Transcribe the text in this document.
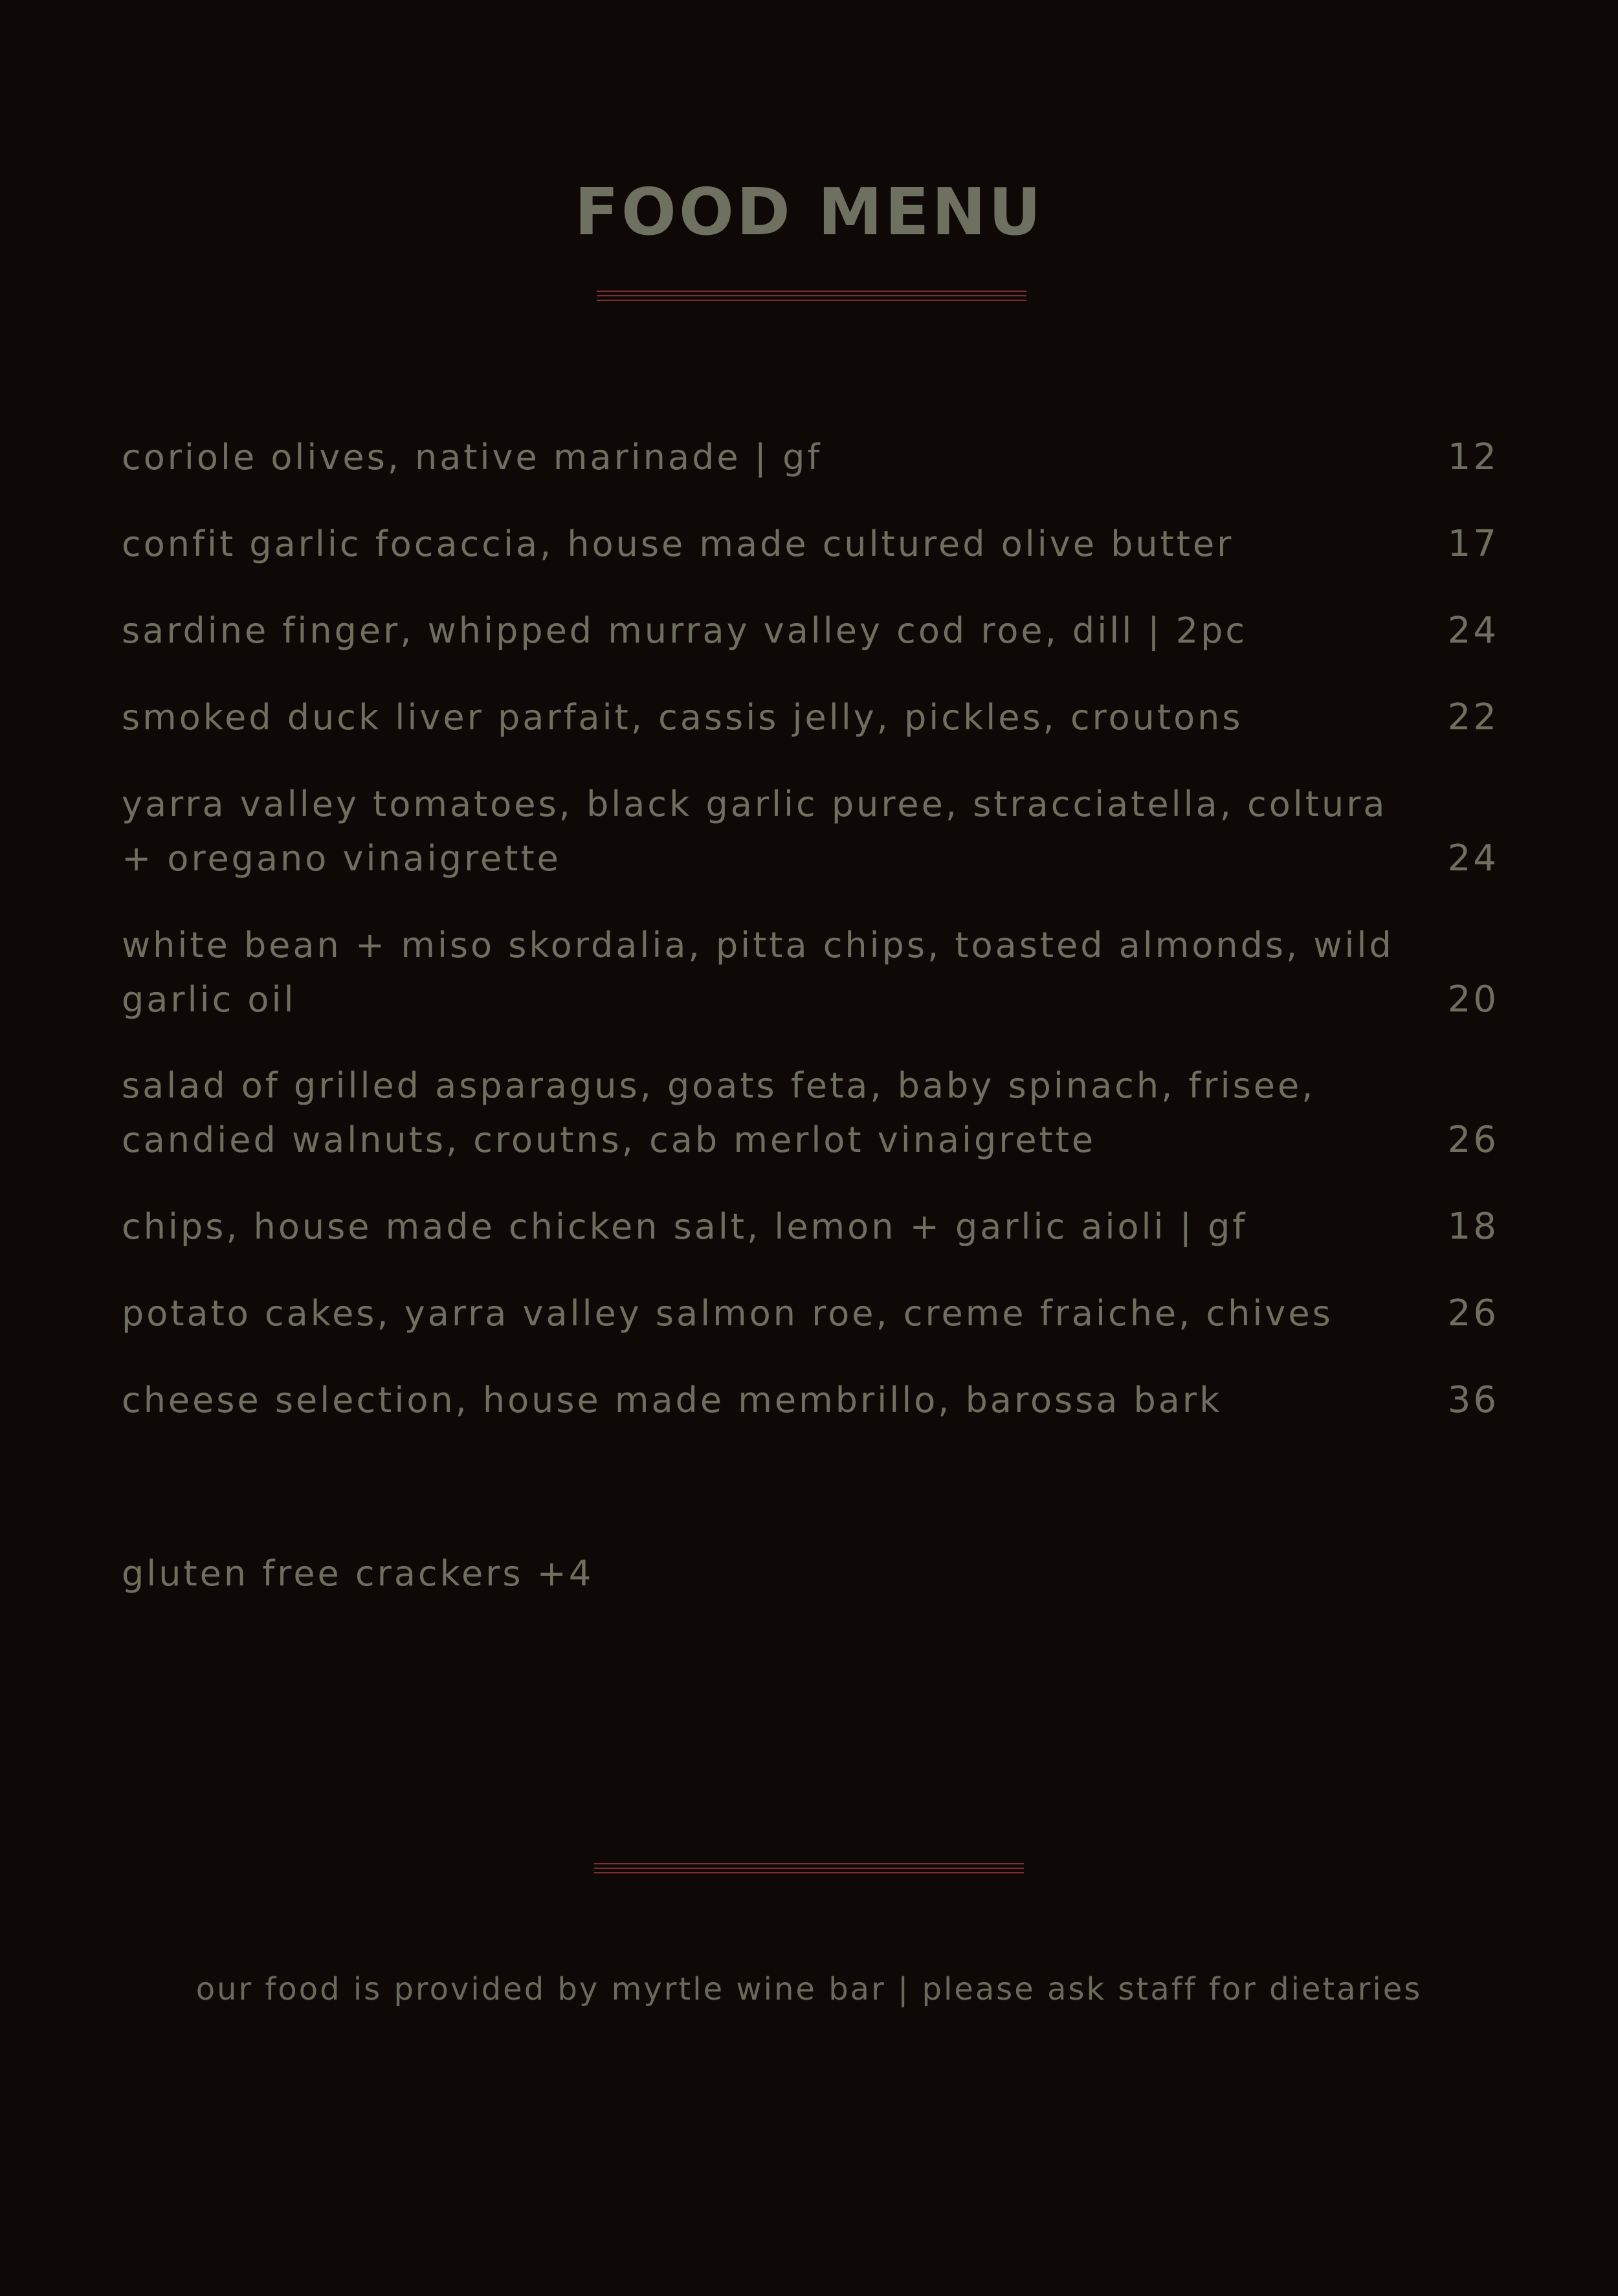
FOOD MENU
coriole olives, native marinade | gf	12
confit garlic focaccia, house made cultured olive butter	17
sardine finger, whipped murray valley cod roe, dill | 2pc	24
smoked duck liver parfait, cassis jelly, pickles, croutons	22
yarra valley tomatoes, black garlic puree, stracciatella, coltura + oregano vinaigrette	24
white bean + miso skordalia, pitta chips, toasted almonds, wild garlic oil	20
salad of grilled asparagus, goats feta, baby spinach, frisee, candied walnuts, croutns, cab merlot vinaigrette	26
chips, house made chicken salt, lemon + garlic aioli | gf	18
potato cakes, yarra valley salmon roe, creme fraiche, chives	26
cheese selection, house made membrillo, barossa bark	36
gluten free crackers +4
our food is provided by myrtle wine bar | please ask staff for dietaries
